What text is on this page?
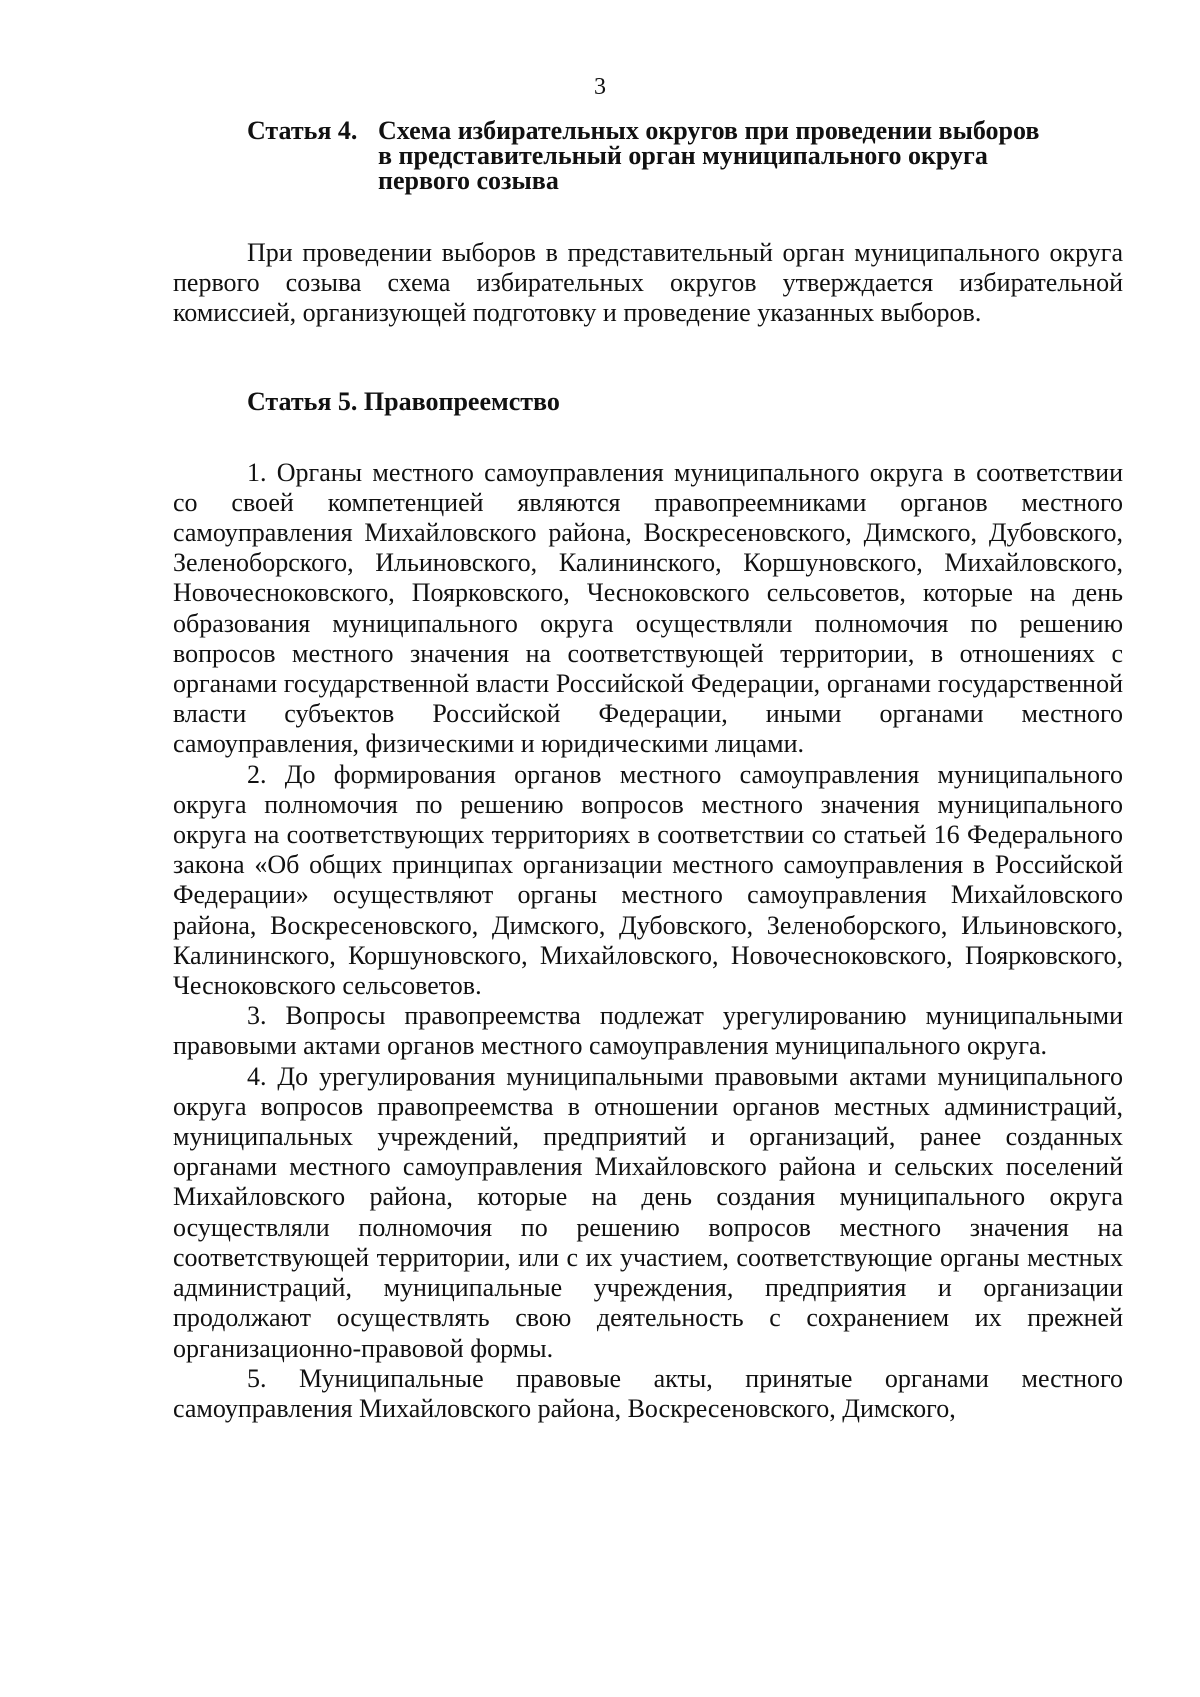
3
Статья 4. Схема избирательных округов при проведении выборов
в представительный орган муниципального округа
первого созыва

При проведении выборов в представительный орган муниципального округа первого созыва схема избирательных округов утверждается избирательной комиссией, организующей подготовку и проведение указанных выборов.

Статья 5. Правопреемство

1. Органы местного самоуправления муниципального округа в соответствии со своей компетенцией являются правопреемниками органов местного самоуправления Михайловского района, Воскресеновского, Димского, Дубовского, Зеленоборского, Ильиновского, Калининского, Коршуновского, Михайловского, Новочесноковского, Поярковского, Чесноковского сельсоветов, которые на день образования муниципального округа осуществляли полномочия по решению вопросов местного значения на соответствующей территории, в отношениях с органами государственной власти Российской Федерации, органами государственной власти субъектов Российской Федерации, иными органами местного самоуправления, физическими и юридическими лицами.

2. До формирования органов местного самоуправления муниципального округа полномочия по решению вопросов местного значения муниципального округа на соответствующих территориях в соответствии со статьей 16 Федерального закона «Об общих принципах организации местного самоуправления в Российской Федерации» осуществляют органы местного самоуправления Михайловского района, Воскресеновского, Димского, Дубовского, Зеленоборского, Ильиновского, Калининского, Коршуновского, Михайловского, Новочесноковского, Поярковского, Чесноковского сельсоветов.

3. Вопросы правопреемства подлежат урегулированию муниципальными правовыми актами органов местного самоуправления муниципального округа.

4. До урегулирования муниципальными правовыми актами муниципального округа вопросов правопреемства в отношении органов местных администраций, муниципальных учреждений, предприятий и организаций, ранее созданных органами местного самоуправления Михайловского района и сельских поселений Михайловского района, которые на день создания муниципального округа осуществляли полномочия по решению вопросов местного значения на соответствующей территории, или с их участием, соответствующие органы местных администраций, муниципальные учреждения, предприятия и организации продолжают осуществлять свою деятельность с сохранением их прежней организационно-правовой формы.

5. Муниципальные правовые акты, принятые органами местного самоуправления Михайловского района, Воскресеновского, Димского,
